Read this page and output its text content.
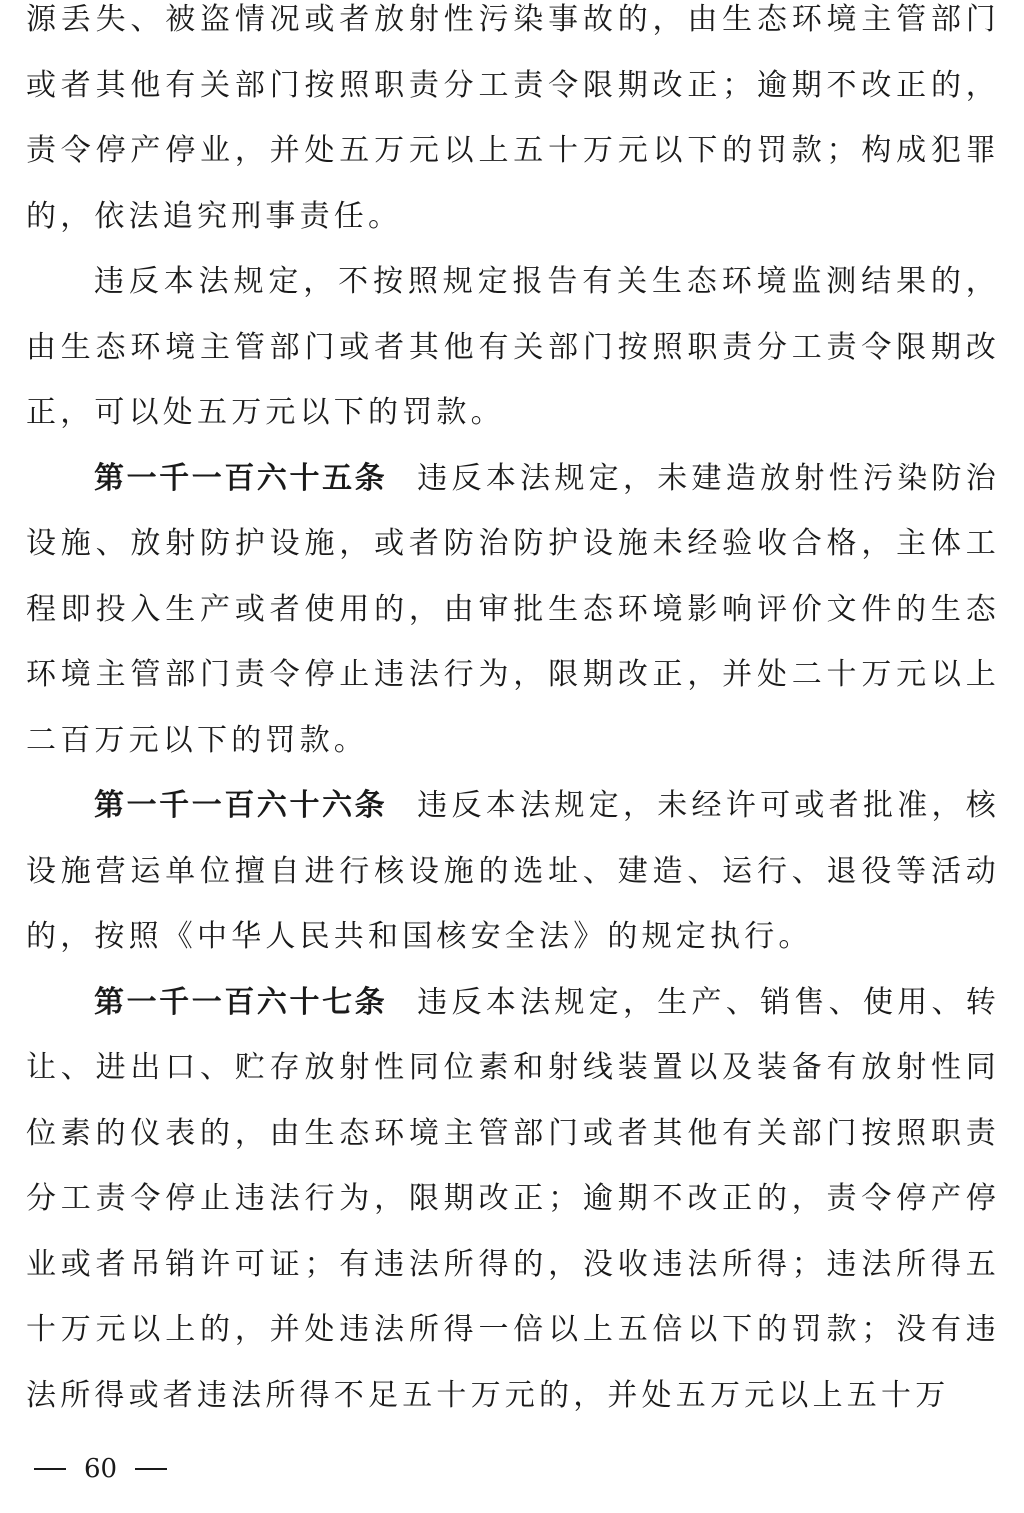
源丢失、被盗情况或者放射性污染事故的，由生态环境主管部门或者其他有关部门按照职责分工责令限期改正；逾期不改正的，责令停产停业，并处五万元以上五十万元以下的罚款；构成犯罪的，依法追究刑事责任。

违反本法规定，不按照规定报告有关生态环境监测结果的，由生态环境主管部门或者其他有关部门按照职责分工责令限期改正，可以处五万元以下的罚款。

第一千一百六十五条 违反本法规定，未建造放射性污染防治设施、放射防护设施，或者防治防护设施未经验收合格，主体工程即投入生产或者使用的，由审批生态环境影响评价文件的生态环境主管部门责令停止违法行为，限期改正，并处二十万元以上二百万元以下的罚款。

第一千一百六十六条 违反本法规定，未经许可或者批准，核设施营运单位擅自进行核设施的选址、建造、运行、退役等活动的，按照《中华人民共和国核安全法》的规定执行。

第一千一百六十七条 违反本法规定，生产、销售、使用、转让、进出口、贮存放射性同位素和射线装置以及装备有放射性同位素的仪表的，由生态环境主管部门或者其他有关部门按照职责分工责令停止违法行为，限期改正；逾期不改正的，责令停产停业或者吊销许可证；有违法所得的，没收违法所得；违法所得五十万元以上的，并处违法所得一倍以上五倍以下的罚款；没有违法所得或者违法所得不足五十万元的，并处五万元以上五十万

60
